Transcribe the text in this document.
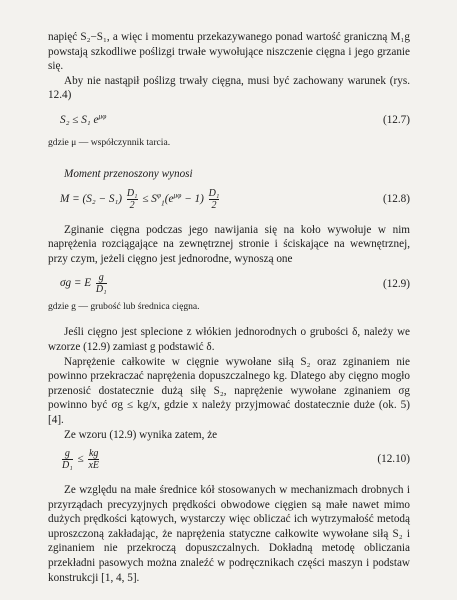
napięć S₂−S₁, a więc i momentu przekazywanego ponad wartość graniczną M₁g powstają szkodliwe poślizgi trwałe wywołujące niszczenie cięgna i jego grzanie się.

Aby nie nastąpił poślizg trwały cięgna, musi być zachowany warunek (rys. 12.4)

S₂ ≤ S₁ $e^{\mu\varphi}$	(12.7)

gdzie μ — współczynnik tarcia.

Moment przenoszony wynosi

$M = (S_2 - S_1) \frac{\text{D₁}}{2} \le S^\varphi_1(e^{\mu\varphi} - 1) \frac{\text{D₁}}{2}$	(12.8)

Zginanie cięgna podczas jego nawijania się na koło wywołuje w nim naprężenia rozciągające na zewnętrznej stronie i ściskające na wewnętrznej, przy czym, jeżeli cięgno jest jednorodne, wynoszą one

σg = E $\frac{g}{\text{D₁}}$	(12.9)

gdzie g — grubość lub średnica cięgna.

Jeśli cięgno jest splecione z włókien jednorodnych o grubości δ, należy we wzorze (12.9) zamiast g podstawić δ.

Naprężenie całkowite w cięgnie wywołane siłą S₂ oraz zginaniem nie powinno przekraczać naprężenia dopuszczalnego kg. Dlatego aby cięgno mogło przenosić dostatecznie dużą siłę S₂, naprężenie wywołane zginaniem σg powinno być σg ≤ kg/x, gdzie x należy przyjmować dostatecznie duże (ok. 5) [4].

Ze wzoru (12.9) wynika zatem, że

$\frac{g}{\text{D₁}} \le \frac{kg}{xE}$	(12.10)

Ze względu na małe średnice kół stosowanych w mechanizmach drobnych i przyrządach precyzyjnych prędkości obwodowe cięgien są małe nawet mimo dużych prędkości kątowych, wystarczy więc obliczać ich wytrzymałość metodą uproszczoną zakładając, że naprężenia statyczne całkowite wywołane siłą S₂ i zginaniem nie przekroczą dopuszczalnych. Dokładną metodę obliczania przekładni pasowych można znaleźć w podręcznikach części maszyn i podstaw konstrukcji [1, 4, 5].
